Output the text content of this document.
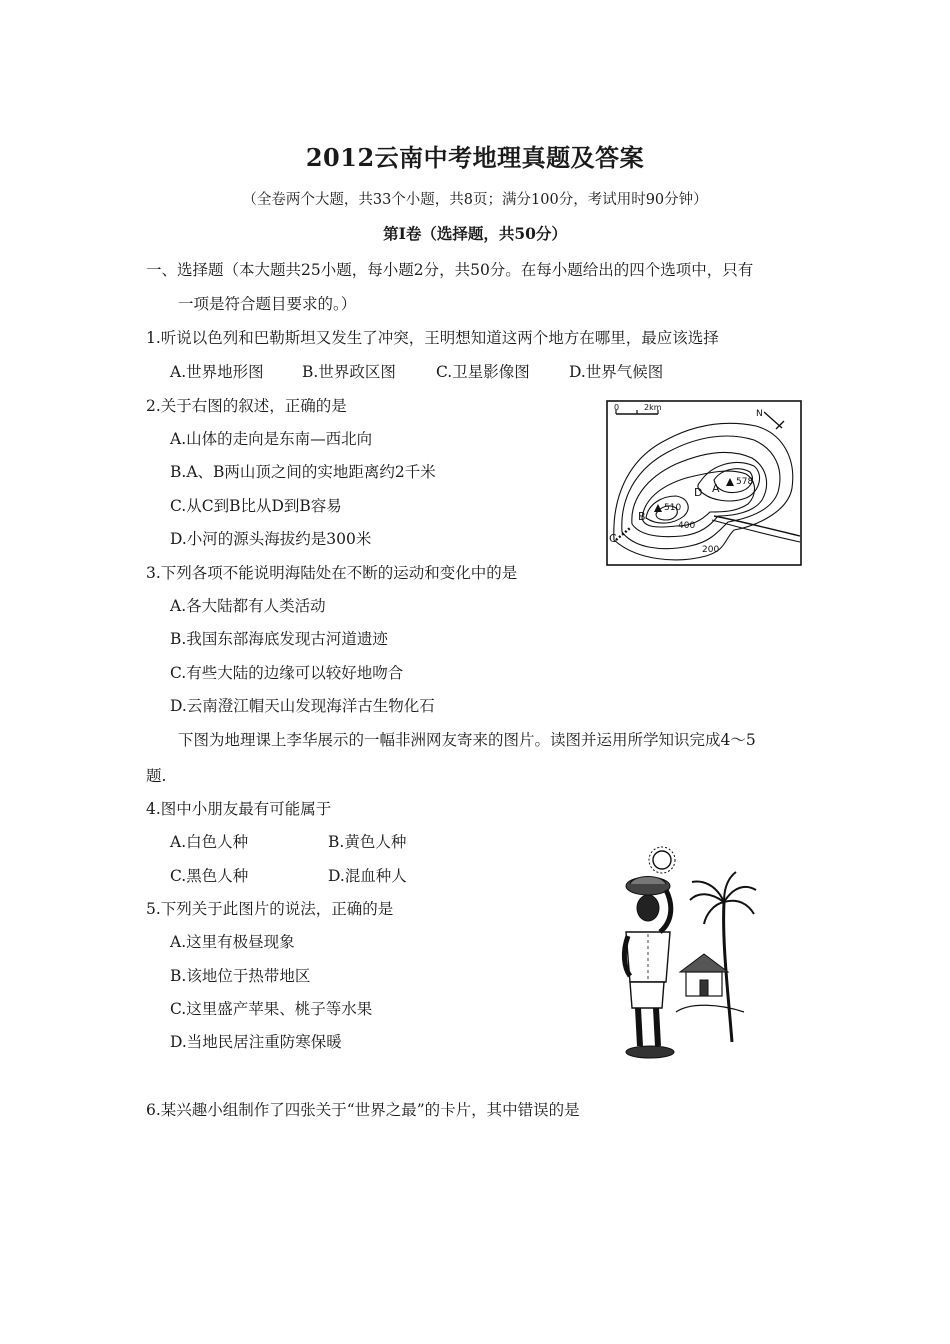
2012云南中考地理真题及答案
（全卷两个大题，共33个小题，共8页；满分100分，考试用时90分钟）
第Ⅰ卷（选择题，共50分）
一、选择题（本大题共25小题，每小题2分，共50分。在每小题给出的四个选项中，只有
一项是符合题目要求的。）
1.听说以色列和巴勒斯坦又发生了冲突，王明想知道这两个地方在哪里，最应该选择
A.世界地形图 B.世界政区图	C.卫星影像图	D.世界气候图
2.关于右图的叙述，正确的是
A.山体的走向是东南—西北向
B.A、B两山顶之间的实地距离约2千米
C.从C到B比从D到B容易
D.小河的源头海拔约是300米
0	2km
N
578
A
510
B
D
C
400
200
3.下列各项不能说明海陆处在不断的运动和变化中的是
A.各大陆都有人类活动
B.我国东部海底发现古河道遗迹
C.有些大陆的边缘可以较好地吻合
D.云南澄江帽天山发现海洋古生物化石
下图为地理课上李华展示的一幅非洲网友寄来的图片。读图并运用所学知识完成4～5
题.
4.图中小朋友最有可能属于
A.白色人种	B.黄色人种
C.黑色人种	D.混血种人
5.下列关于此图片的说法，正确的是
A.这里有极昼现象
B.该地位于热带地区
C.这里盛产苹果、桃子等水果
D.当地民居注重防寒保暖
6.某兴趣小组制作了四张关于“世界之最”的卡片，其中错误的是
